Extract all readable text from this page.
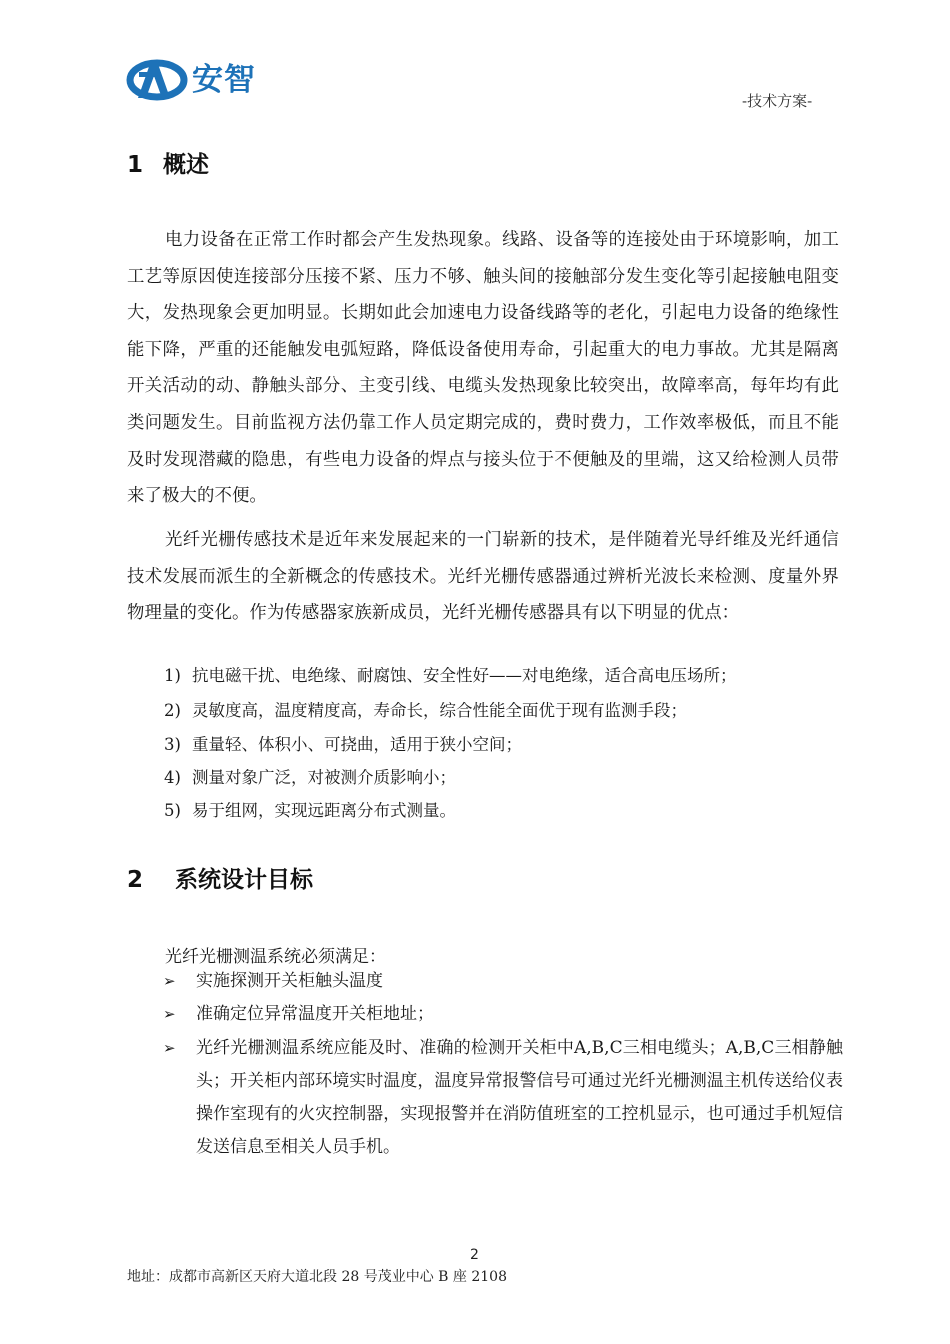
安智
-技术方案-
1 概述

电力设备在正常工作时都会产生发热现象。线路、设备等的连接处由于环境影响，加工工艺等原因使连接部分压接不紧、压力不够、触头间的接触部分发生变化等引起接触电阻变大，发热现象会更加明显。长期如此会加速电力设备线路等的老化，引起电力设备的绝缘性能下降，严重的还能触发电弧短路，降低设备使用寿命，引起重大的电力事故。尤其是隔离开关活动的动、静触头部分、主变引线、电缆头发热现象比较突出，故障率高，每年均有此类问题发生。目前监视方法仍靠工作人员定期完成的，费时费力，工作效率极低，而且不能及时发现潜藏的隐患，有些电力设备的焊点与接头位于不便触及的里端，这又给检测人员带来了极大的不便。

光纤光栅传感技术是近年来发展起来的一门崭新的技术，是伴随着光导纤维及光纤通信技术发展而派生的全新概念的传感技术。光纤光栅传感器通过辨析光波长来检测、度量外界物理量的变化。作为传感器家族新成员，光纤光栅传感器具有以下明显的优点：

1) 抗电磁干扰、电绝缘、耐腐蚀、安全性好——对电绝缘，适合高电压场所；
2) 灵敏度高，温度精度高，寿命长，综合性能全面优于现有监测手段；
3) 重量轻、体积小、可挠曲，适用于狭小空间；
4) 测量对象广泛，对被测介质影响小；
5) 易于组网，实现远距离分布式测量。
2 系统设计目标
光纤光栅测温系统必须满足：
➢ 实施探测开关柜触头温度
➢ 准确定位异常温度开关柜地址；
➢ 光纤光栅测温系统应能及时、准确的检测开关柜中A,B,C三相电缆头；A,B,C三相静触头；开关柜内部环境实时温度，温度异常报警信号可通过光纤光栅测温主机传送给仪表操作室现有的火灾控制器，实现报警并在消防值班室的工控机显示，也可通过手机短信发送信息至相关人员手机。
2
地址：成都市高新区天府大道北段 28 号茂业中心 B 座 2108
